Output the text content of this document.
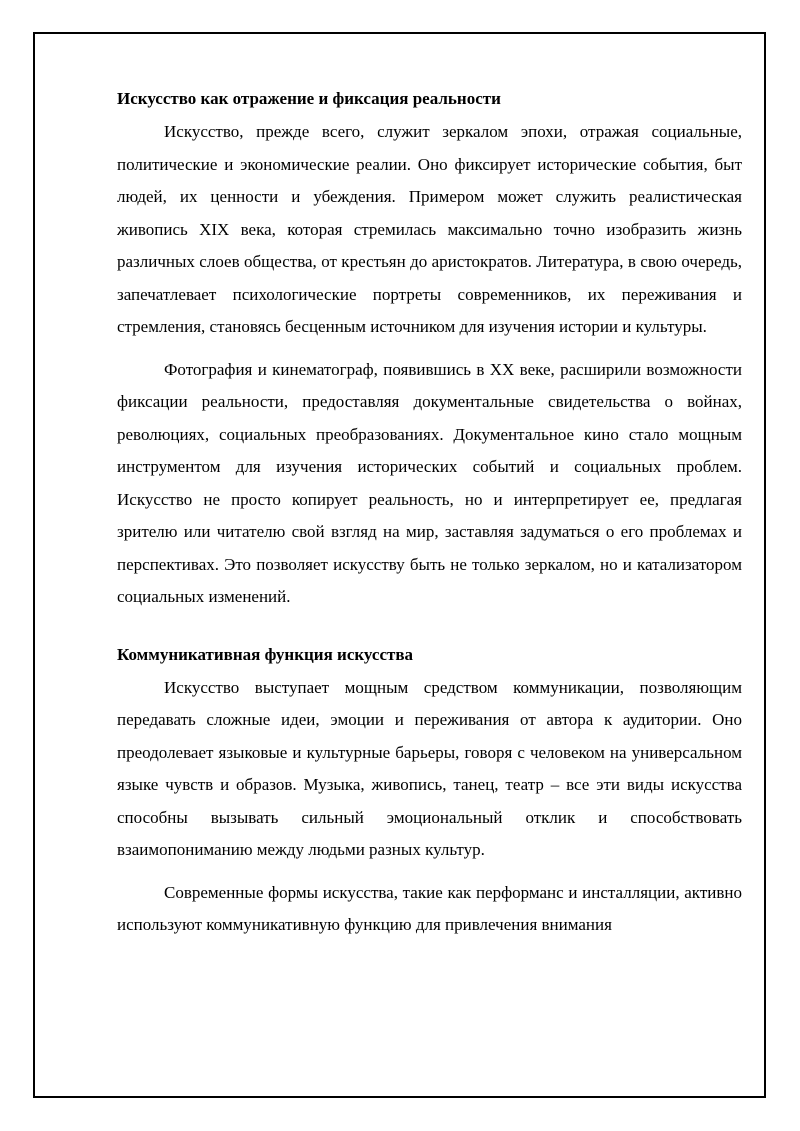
Искусство как отражение и фиксация реальности

Искусство, прежде всего, служит зеркалом эпохи, отражая социальные, политические и экономические реалии. Оно фиксирует исторические события, быт людей, их ценности и убеждения. Примером может служить реалистическая живопись XIX века, которая стремилась максимально точно изобразить жизнь различных слоев общества, от крестьян до аристократов. Литература, в свою очередь, запечатлевает психологические портреты современников, их переживания и стремления, становясь бесценным источником для изучения истории и культуры.

Фотография и кинематограф, появившись в XX веке, расширили возможности фиксации реальности, предоставляя документальные свидетельства о войнах, революциях, социальных преобразованиях. Документальное кино стало мощным инструментом для изучения исторических событий и социальных проблем. Искусство не просто копирует реальность, но и интерпретирует ее, предлагая зрителю или читателю свой взгляд на мир, заставляя задуматься о его проблемах и перспективах. Это позволяет искусству быть не только зеркалом, но и катализатором социальных изменений.

Коммуникативная функция искусства

Искусство выступает мощным средством коммуникации, позволяющим передавать сложные идеи, эмоции и переживания от автора к аудитории. Оно преодолевает языковые и культурные барьеры, говоря с человеком на универсальном языке чувств и образов. Музыка, живопись, танец, театр – все эти виды искусства способны вызывать сильный эмоциональный отклик и способствовать взаимопониманию между людьми разных культур.

Современные формы искусства, такие как перформанс и инсталляции, активно используют коммуникативную функцию для привлечения внимания
